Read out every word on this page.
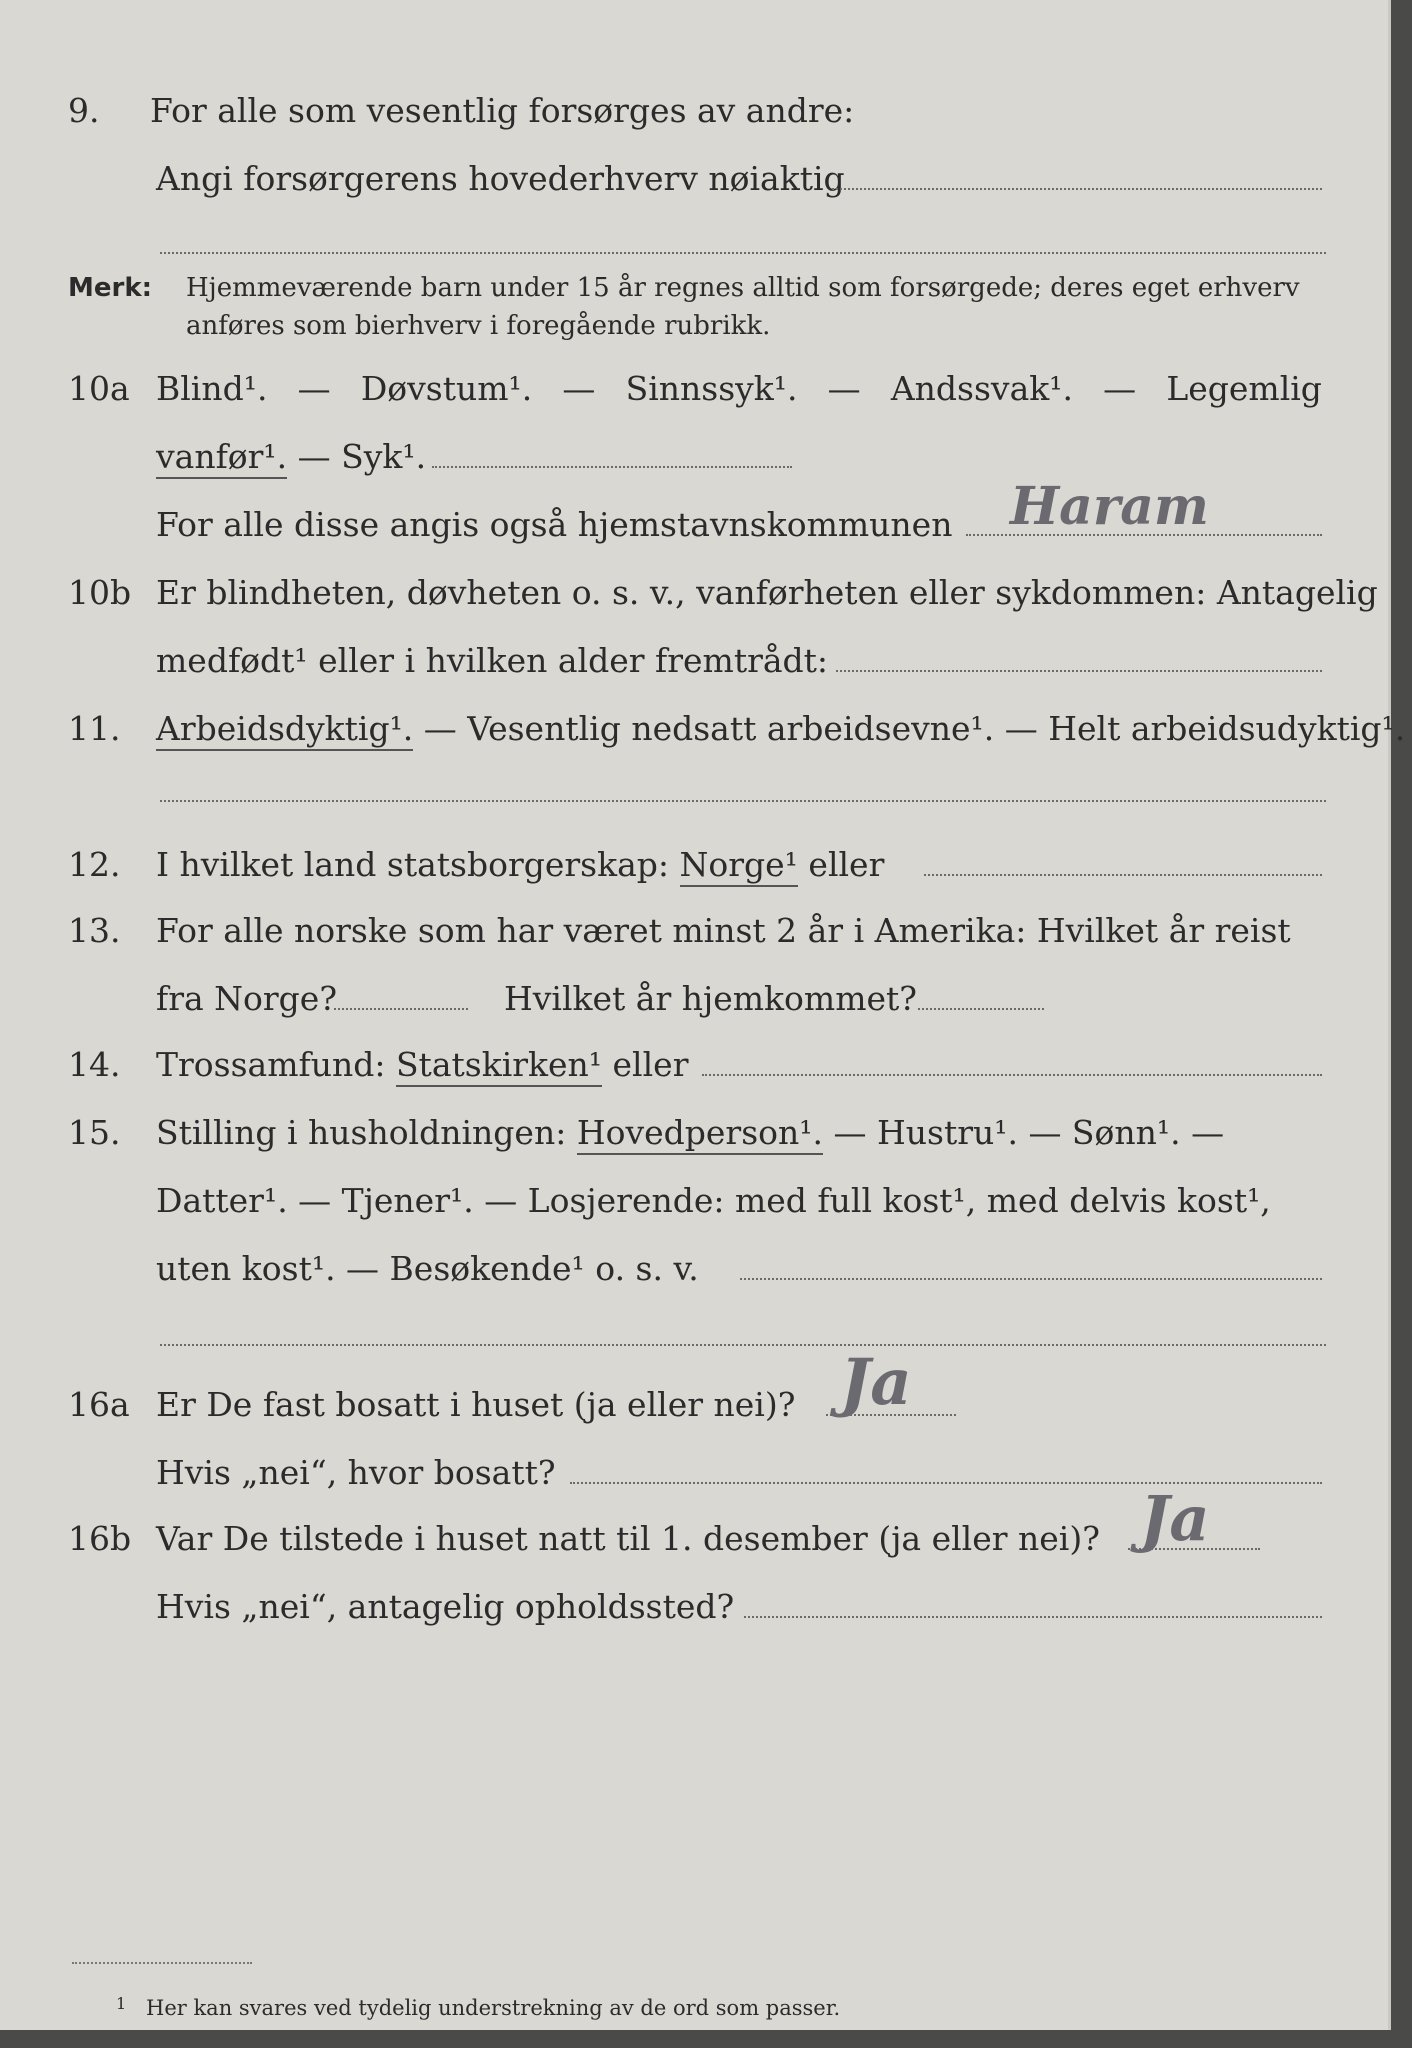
9. For alle som vesentlig forsørges av andre:
Angi forsørgerens hovederhverv nøiaktig
Merk: Hjemmeværende barn under 15 år regnes alltid som forsørgede; deres eget erhverv
anføres som bierhverv i foregående rubrikk.
10a Blind¹. — Døvstum¹. — Sinnssyk¹. — Andssvak¹. — Legemlig
vanfør¹. — Syk¹.
For alle disse angis også hjemstavnskommunen Haram
10b Er blindheten, døvheten o. s. v., vanførheten eller sykdommen: Antagelig
medfødt¹ eller i hvilken alder fremtrådt:
11. Arbeidsdyktig¹. — Vesentlig nedsatt arbeidsevne¹. — Helt arbeidsudyktig¹.
12. I hvilket land statsborgerskap: Norge¹ eller
13. For alle norske som har været minst 2 år i Amerika: Hvilket år reist
fra Norge?	Hvilket år hjemkommet?
14. Trossamfund: Statskirken¹ eller
15. Stilling i husholdningen: Hovedperson¹. — Hustru¹. — Sønn¹. —
Datter¹. — Tjener¹. — Losjerende: med full kost¹, med delvis kost¹,
uten kost¹. — Besøkende¹ o. s. v.
16a Er De fast bosatt i huset (ja eller nei)? Ja
Hvis „nei“, hvor bosatt?
16b Var De tilstede i huset natt til 1. desember (ja eller nei)? Ja
Hvis „nei“, antagelig opholdssted?
1 Her kan svares ved tydelig understrekning av de ord som passer.
